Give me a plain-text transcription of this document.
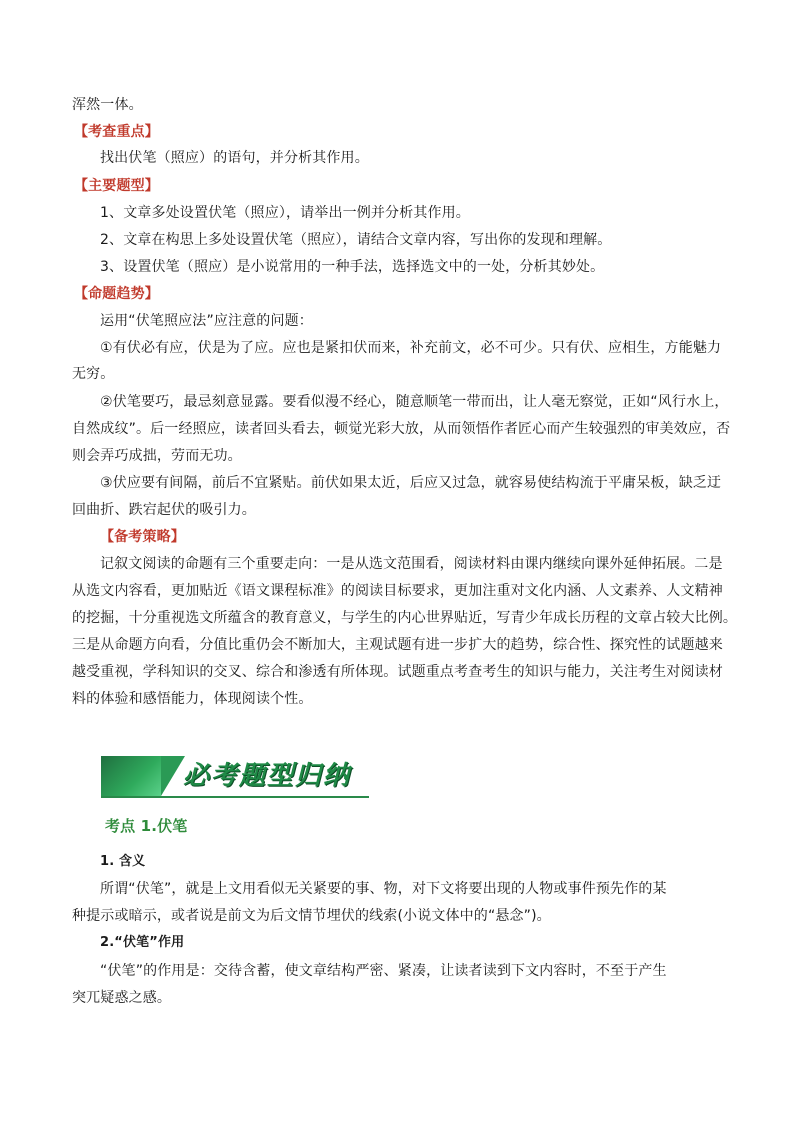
浑然一体。
【考查重点】
找出伏笔（照应）的语句，并分析其作用。
【主要题型】
1、文章多处设置伏笔（照应），请举出一例并分析其作用。
2、文章在构思上多处设置伏笔（照应），请结合文章内容，写出你的发现和理解。
3、设置伏笔（照应）是小说常用的一种手法，选择选文中的一处，分析其妙处。
【命题趋势】
运用“伏笔照应法”应注意的问题：
①有伏必有应，伏是为了应。应也是紧扣伏而来，补充前文，必不可少。只有伏、应相生，方能魅力
无穷。
②伏笔要巧，最忌刻意显露。要看似漫不经心，随意顺笔一带而出，让人毫无察觉，正如“风行水上，
自然成纹”。后一经照应，读者回头看去，顿觉光彩大放，从而领悟作者匠心而产生较强烈的审美效应，否
则会弄巧成拙，劳而无功。
③伏应要有间隔，前后不宜紧贴。前伏如果太近，后应又过急，就容易使结构流于平庸呆板，缺乏迂
回曲折、跌宕起伏的吸引力。
【备考策略】
记叙文阅读的命题有三个重要走向：一是从选文范围看，阅读材料由课内继续向课外延伸拓展。二是
从选文内容看，更加贴近《语文课程标准》的阅读目标要求，更加注重对文化内涵、人文素养、人文精神
的挖掘，十分重视选文所蕴含的教育意义，与学生的内心世界贴近，写青少年成长历程的文章占较大比例。
三是从命题方向看，分值比重仍会不断加大，主观试题有进一步扩大的趋势，综合性、探究性的试题越来
越受重视，学科知识的交叉、综合和渗透有所体现。试题重点考查考生的知识与能力，关注考生对阅读材
料的体验和感悟能力，体现阅读个性。
必考题型归纳
考点 1.伏笔
1. 含义
所谓“伏笔”，就是上文用看似无关紧要的事、物，对下文将要出现的人物或事件预先作的某
种提示或暗示，或者说是前文为后文情节埋伏的线索(小说文体中的“悬念”)。
2.“伏笔”作用
“伏笔”的作用是：交待含蓄，使文章结构严密、紧凑，让读者读到下文内容时，不至于产生
突兀疑惑之感。
